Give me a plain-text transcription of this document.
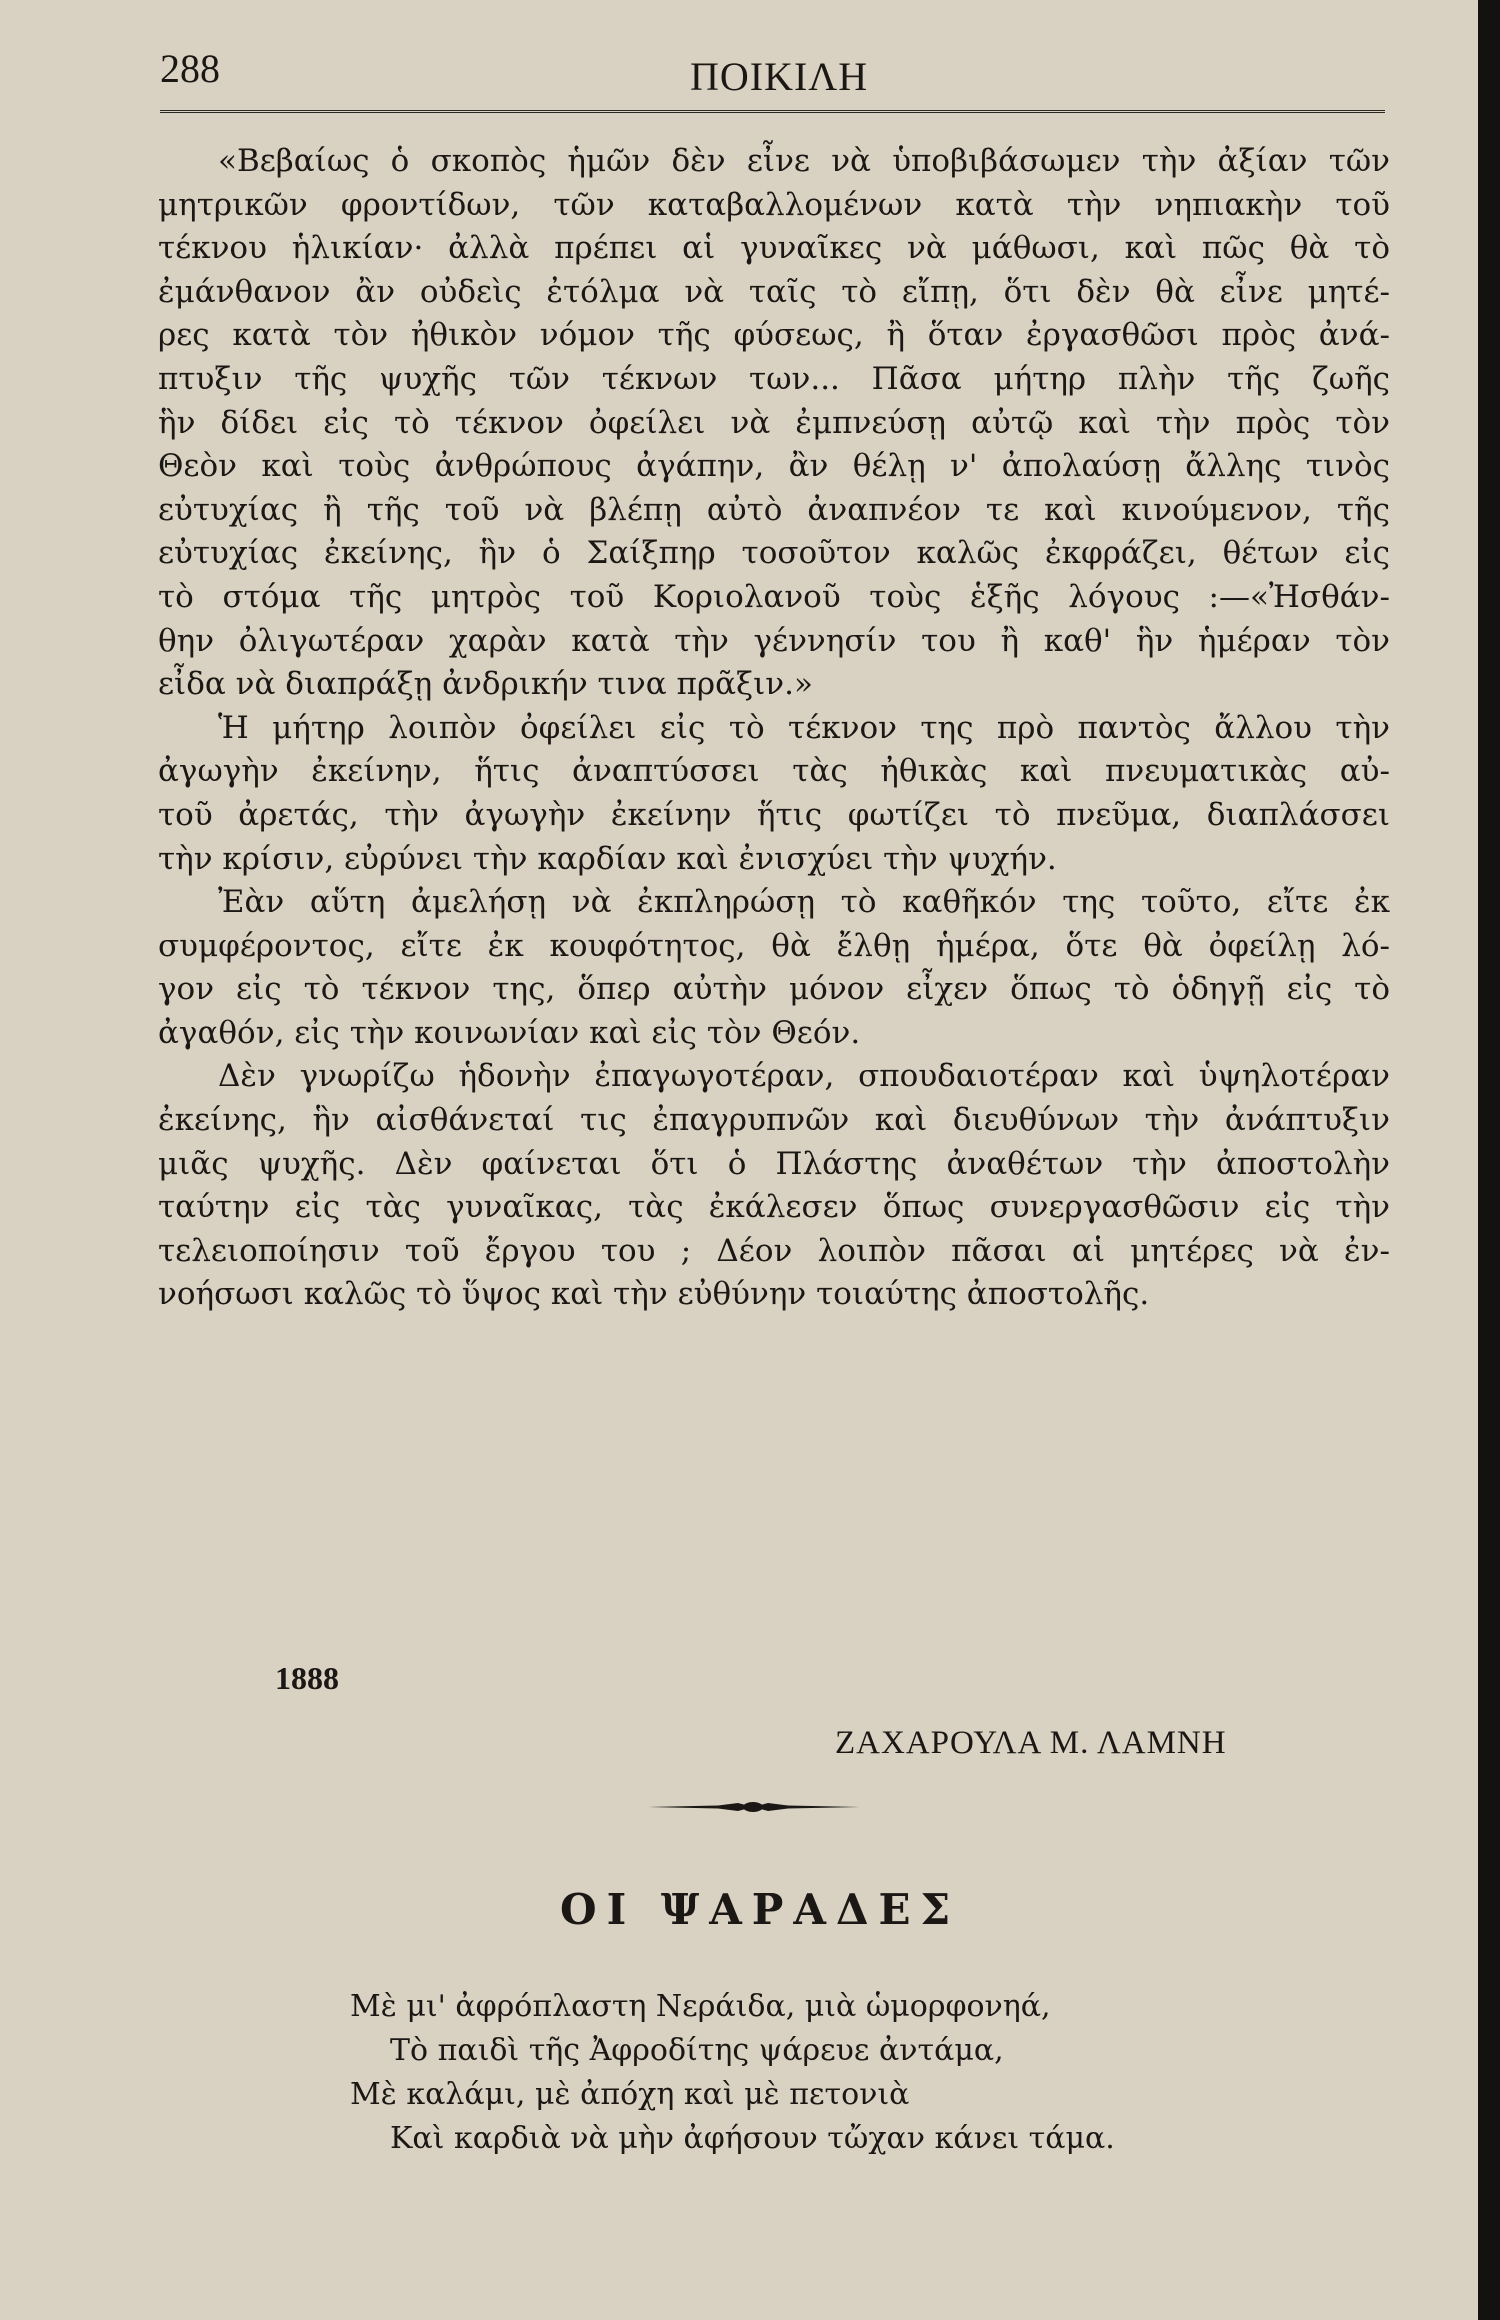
288	ΠΟΙΚΙΛΗ
«Βεβαίως ὁ σκοπὸς ἡμῶν δὲν εἶνε νὰ ὑποβιβάσωμεν τὴν ἀξίαν τῶν
μητρικῶν φροντίδων, τῶν καταβαλλομένων κατὰ τὴν νηπιακὴν τοῦ
τέκνου ἡλικίαν· ἀλλὰ πρέπει αἱ γυναῖκες νὰ μάθωσι, καὶ πῶς θὰ τὸ
ἐμάνθανον ἂν οὐδεὶς ἐτόλμα νὰ ταῖς τὸ εἴπῃ, ὅτι δὲν θὰ εἶνε μητέ-
ρες κατὰ τὸν ἠθικὸν νόμον τῆς φύσεως, ἢ ὅταν ἐργασθῶσι πρὸς ἀνά-
πτυξιν τῆς ψυχῆς τῶν τέκνων των... Πᾶσα μήτηρ πλὴν τῆς ζωῆς
ἣν δίδει εἰς τὸ τέκνον ὀφείλει νὰ ἐμπνεύσῃ αὐτῷ καὶ τὴν πρὸς τὸν
Θεὸν καὶ τοὺς ἀνθρώπους ἀγάπην, ἂν θέλῃ ν' ἀπολαύσῃ ἄλλης τινὸς
εὐτυχίας ἢ τῆς τοῦ νὰ βλέπῃ αὐτὸ ἀναπνέον τε καὶ κινούμενον, τῆς
εὐτυχίας ἐκείνης, ἣν ὁ Σαίξπηρ τοσοῦτον καλῶς ἐκφράζει, θέτων εἰς
τὸ στόμα τῆς μητρὸς τοῦ Κοριολανοῦ τοὺς ἑξῆς λόγους :—«Ἠσθάν-
θην ὀλιγωτέραν χαρὰν κατὰ τὴν γέννησίν του ἢ καθ' ἣν ἡμέραν τὸν
εἶδα νὰ διαπράξῃ ἀνδρικήν τινα πρᾶξιν.»
Ἡ μήτηρ λοιπὸν ὀφείλει εἰς τὸ τέκνον της πρὸ παντὸς ἄλλου τὴν
ἀγωγὴν ἐκείνην, ἥτις ἀναπτύσσει τὰς ἠθικὰς καὶ πνευματικὰς αὐ-
τοῦ ἀρετάς, τὴν ἀγωγὴν ἐκείνην ἥτις φωτίζει τὸ πνεῦμα, διαπλάσσει
τὴν κρίσιν, εὐρύνει τὴν καρδίαν καὶ ἐνισχύει τὴν ψυχήν.
Ἐὰν αὕτη ἀμελήσῃ νὰ ἐκπληρώσῃ τὸ καθῆκόν της τοῦτο, εἴτε ἐκ
συμφέροντος, εἴτε ἐκ κουφότητος, θὰ ἔλθῃ ἡμέρα, ὅτε θὰ ὀφείλῃ λό-
γον εἰς τὸ τέκνον της, ὅπερ αὐτὴν μόνον εἶχεν ὅπως τὸ ὁδηγῇ εἰς τὸ
ἀγαθόν, εἰς τὴν κοινωνίαν καὶ εἰς τὸν Θεόν.
Δὲν γνωρίζω ἡδονὴν ἐπαγωγοτέραν, σπουδαιοτέραν καὶ ὑψηλοτέραν
ἐκείνης, ἣν αἰσθάνεταί τις ἐπαγρυπνῶν καὶ διευθύνων τὴν ἀνάπτυξιν
μιᾶς ψυχῆς. Δὲν φαίνεται ὅτι ὁ Πλάστης ἀναθέτων τὴν ἀποστολὴν
ταύτην εἰς τὰς γυναῖκας, τὰς ἐκάλεσεν ὅπως συνεργασθῶσιν εἰς τὴν
τελειοποίησιν τοῦ ἔργου του ; Δέον λοιπὸν πᾶσαι αἱ μητέρες νὰ ἐν-
νοήσωσι καλῶς τὸ ὕψος καὶ τὴν εὐθύνην τοιαύτης ἀποστολῆς.
1888
ΖΑΧΑΡΟΥΛΑ Μ. ΛΑΜΝΗ
ΟΙ ΨΑΡΑΔΕΣ
Μὲ μι' ἀφρόπλαστη Νεράιδα, μιὰ ὡμορφονηά,
Τὸ παιδὶ τῆς Ἀφροδίτης ψάρευε ἀντάμα,
Μὲ καλάμι, μὲ ἀπόχη καὶ μὲ πετονιὰ
Καὶ καρδιὰ νὰ μὴν ἀφήσουν τὤχαν κάνει τάμα.
